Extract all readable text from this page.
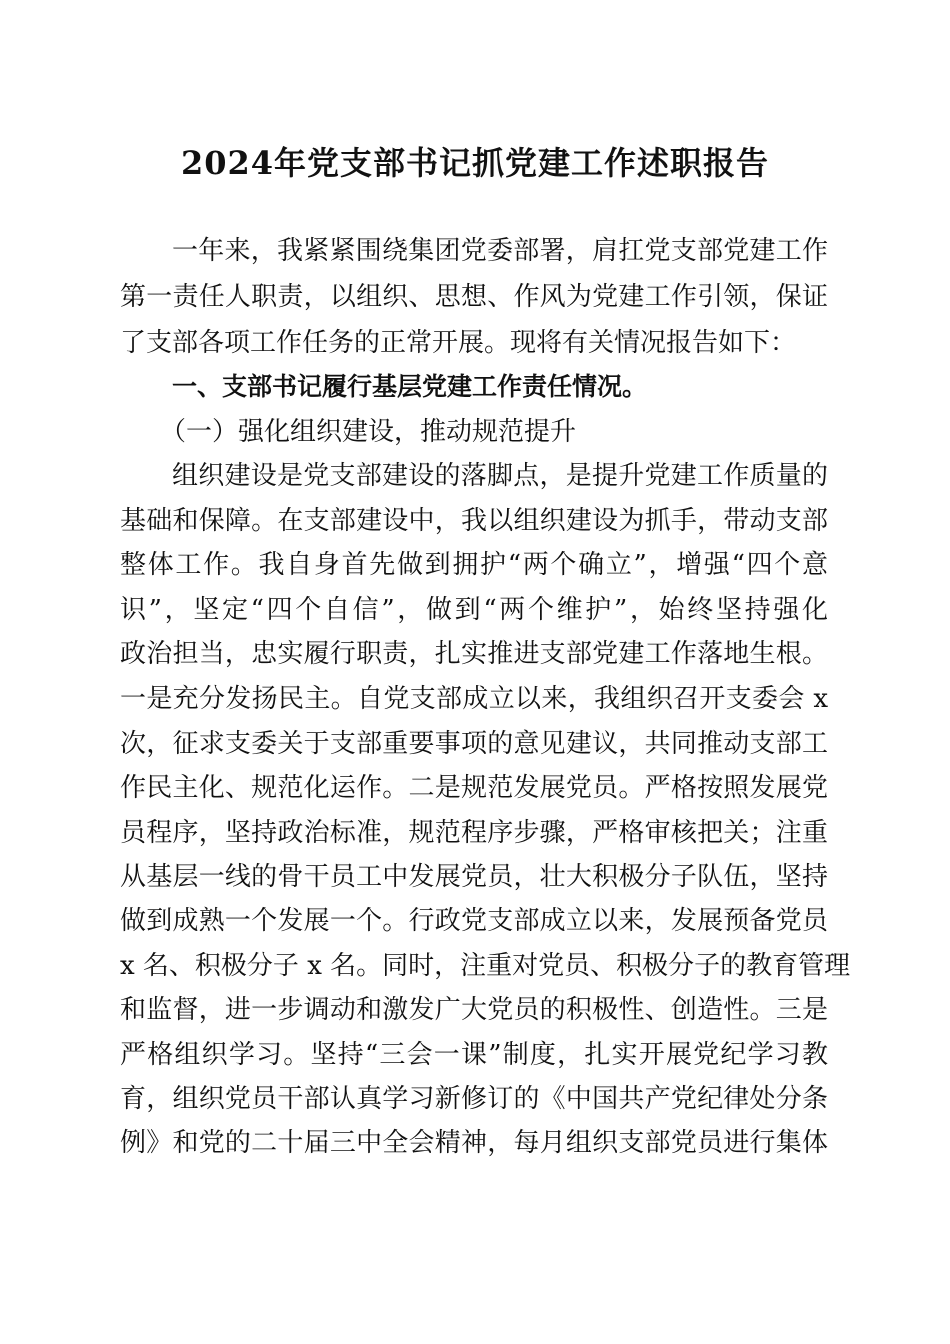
2024年党支部书记抓党建工作述职报告
一年来，我紧紧围绕集团党委部署，肩扛党支部党建工作
第一责任人职责，以组织、思想、作风为党建工作引领，保证
了支部各项工作任务的正常开展。现将有关情况报告如下：
一、支部书记履行基层党建工作责任情况。
（一）强化组织建设，推动规范提升
组织建设是党支部建设的落脚点，是提升党建工作质量的
基础和保障。在支部建设中，我以组织建设为抓手，带动支部
整体工作。我自身首先做到拥护“两个确立”，增强“四个意
识”，坚定“四个自信”，做到“两个维护”，始终坚持强化
政治担当，忠实履行职责，扎实推进支部党建工作落地生根。
一是充分发扬民主。自党支部成立以来，我组织召开支委会 x
次，征求支委关于支部重要事项的意见建议，共同推动支部工
作民主化、规范化运作。二是规范发展党员。严格按照发展党
员程序，坚持政治标准，规范程序步骤，严格审核把关；注重
从基层一线的骨干员工中发展党员，壮大积极分子队伍，坚持
做到成熟一个发展一个。行政党支部成立以来，发展预备党员
x 名、积极分子 x 名。同时，注重对党员、积极分子的教育管理
和监督，进一步调动和激发广大党员的积极性、创造性。三是
严格组织学习。坚持“三会一课”制度，扎实开展党纪学习教
育，组织党员干部认真学习新修订的《中国共产党纪律处分条
例》和党的二十届三中全会精神，每月组织支部党员进行集体
